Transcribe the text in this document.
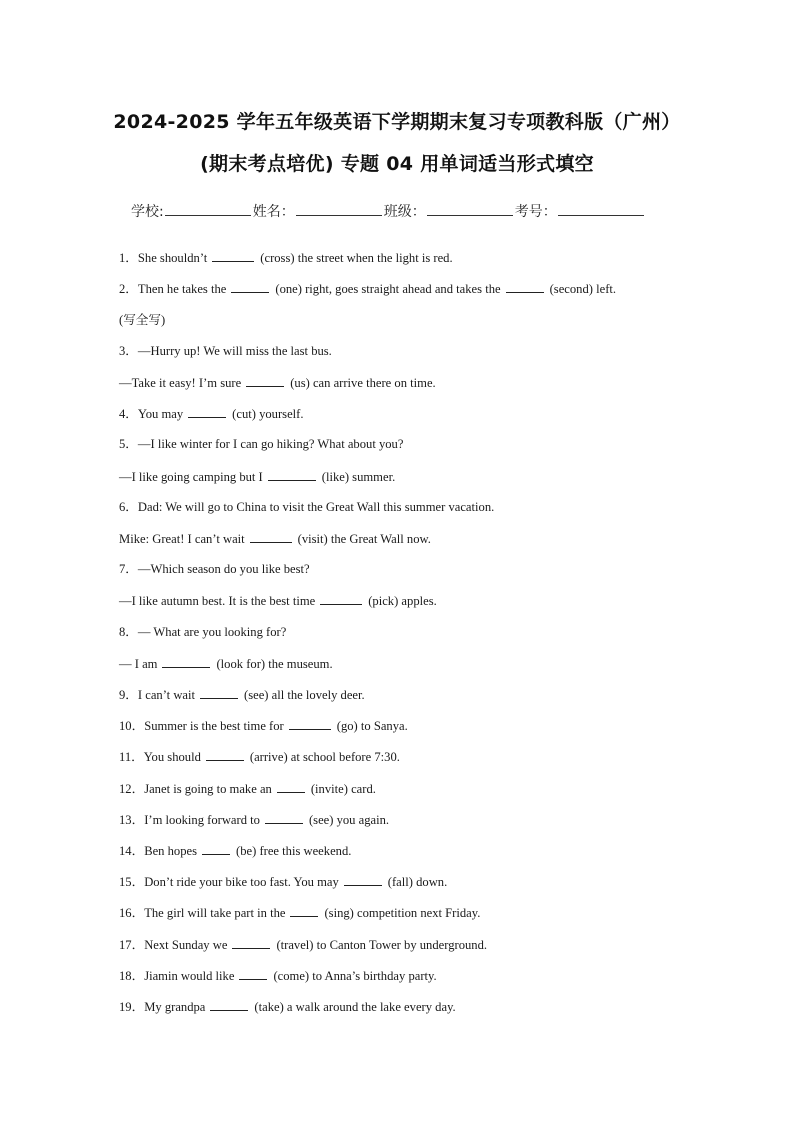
2024-2025 学年五年级英语下学期期末复习专项教科版（广州）
(期末考点培优) 专题 04 用单词适当形式填空
学校:	姓名：	班级：	考号：
1．She shouldn’t	(cross) the street when the light is red.
2．Then he takes the	(one) right, goes straight ahead and takes the	(second) left.
(写全写)
3．—Hurry up! We will miss the last bus.
—Take it easy! I’m sure	(us) can arrive there on time.
4．You may	(cut) yourself.
5．—I like winter for I can go hiking? What about you?
—I like going camping but I	(like) summer.
6．Dad: We will go to China to visit the Great Wall this summer vacation.
Mike: Great! I can’t wait	(visit) the Great Wall now.
7．—Which season do you like best?
—I like autumn best. It is the best time	(pick) apples.
8．— What are you looking for?
— I am	(look for) the museum.
9．I can’t wait	(see) all the lovely deer.
10．Summer is the best time for	(go) to Sanya.
11．You should	(arrive) at school before 7:30.
12．Janet is going to make an	(invite) card.
13．I’m looking forward to	(see) you again.
14．Ben hopes	(be) free this weekend.
15．Don’t ride your bike too fast. You may	(fall) down.
16．The girl will take part in the	(sing) competition next Friday.
17．Next Sunday we	(travel) to Canton Tower by underground.
18．Jiamin would like	(come) to Anna’s birthday party.
19．My grandpa	(take) a walk around the lake every day.
